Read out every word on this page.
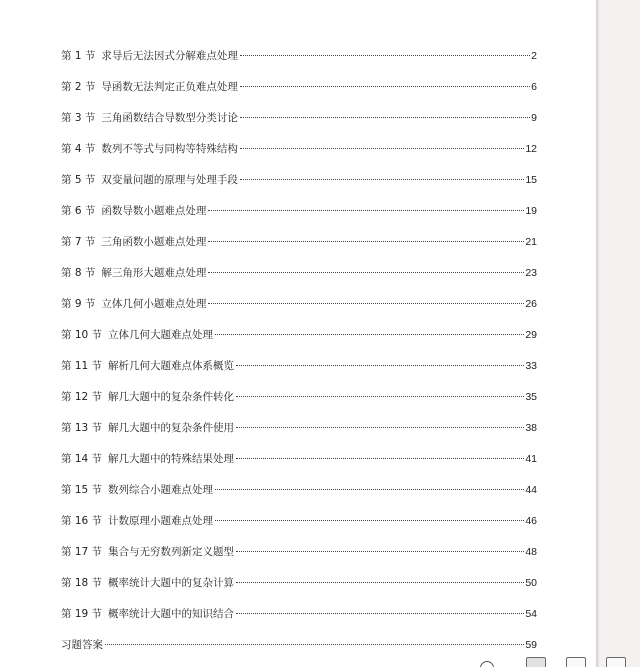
第 1 节 求导后无法因式分解难点处理	2
第 2 节 导函数无法判定正负难点处理	6
第 3 节 三角函数结合导数型分类讨论	9
第 4 节 数列不等式与同构等特殊结构	12
第 5 节 双变量问题的原理与处理手段	15
第 6 节 函数导数小题难点处理	19
第 7 节 三角函数小题难点处理	21
第 8 节 解三角形大题难点处理	23
第 9 节 立体几何小题难点处理	26
第 10 节 立体几何大题难点处理	29
第 11 节 解析几何大题难点体系概览	33
第 12 节 解几大题中的复杂条件转化	35
第 13 节 解几大题中的复杂条件使用	38
第 14 节 解几大题中的特殊结果处理	41
第 15 节 数列综合小题难点处理	44
第 16 节 计数原理小题难点处理	46
第 17 节 集合与无穷数列新定义题型	48
第 18 节 概率统计大题中的复杂计算	50
第 19 节 概率统计大题中的知识结合	54
习题答案	59
